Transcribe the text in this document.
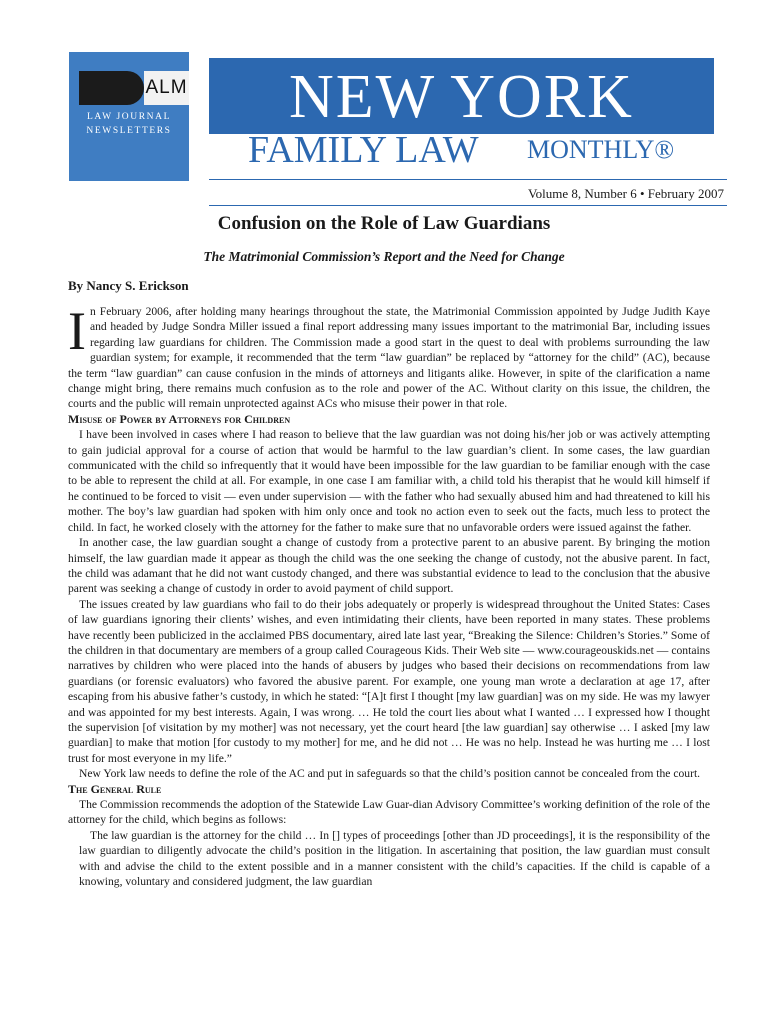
ALM
LAW JOURNAL
NEWSLETTERS	NEW YORK
FAMILY LAW MONTHLY®
Volume 8, Number 6 • February 2007
Confusion on the Role of Law Guardians
The Matrimonial Commission’s Report and the Need for Change
By Nancy S. Erickson

In February 2006, after holding many hearings throughout the state, the Matrimonial Commission appointed by Judge Judith Kaye and headed by Judge Sondra Miller issued a final report addressing many issues important to the matrimonial Bar, including issues regarding law guardians for children. The Commission made a good start in the quest to deal with problems surrounding the law guardian system; for example, it recommended that the term “law guardian” be replaced by “attorney for the child” (AC), because the term “law guardian” can cause confusion in the minds of attorneys and litigants alike. However, in spite of the clarification a name change might bring, there remains much confusion as to the role and power of the AC. Without clarity on this issue, the children, the courts and the public will remain unprotected against ACs who misuse their power in that role.

Misuse of Power by Attorneys for Children

I have been involved in cases where I had reason to believe that the law guardian was not doing his/her job or was actively attempting to gain judicial approval for a course of action that would be harmful to the law guardian’s client. In some cases, the law guardian communicated with the child so infrequently that it would have been impossible for the law guardian to be familiar enough with the case to be able to represent the child at all. For example, in one case I am familiar with, a child told his therapist that he would kill himself if he continued to be forced to visit — even under supervision — with the father who had sexually abused him and had threatened to kill his mother. The boy’s law guardian had spoken with him only once and took no action even to seek out the facts, much less to protect the child. In fact, he worked closely with the attorney for the father to make sure that no unfavorable orders were issued against the father.

In another case, the law guardian sought a change of custody from a protective parent to an abusive parent. By bringing the motion himself, the law guardian made it appear as though the child was the one seeking the change of custody, not the abusive parent. In fact, the child was adamant that he did not want custody changed, and there was substantial evidence to lead to the conclusion that the abusive parent was seeking a change of custody in order to avoid payment of child support.

The issues created by law guardians who fail to do their jobs adequately or properly is widespread throughout the United States: Cases of law guardians ignoring their clients’ wishes, and even intimidating their clients, have been reported in many states. These problems have recently been publicized in the acclaimed PBS documentary, aired late last year, “Breaking the Silence: Children’s Stories.” Some of the children in that documentary are members of a group called Courageous Kids. Their Web site — www.courageouskids.net — contains narratives by children who were placed into the hands of abusers by judges who based their decisions on recommendations from law guardians (or forensic evaluators) who favored the abusive parent. For example, one young man wrote a declaration at age 17, after escaping from his abusive father’s custody, in which he stated: “[A]t first I thought [my law guardian] was on my side. He was my lawyer and was appointed for my best interests. Again, I was wrong. … He told the court lies about what I wanted … I expressed how I thought the supervision [of visitation by my mother] was not necessary, yet the court heard [the law guardian] say otherwise … I asked [my law guardian] to make that motion [for custody to my mother] for me, and he did not … He was no help. Instead he was hurting me … I lost trust for most everyone in my life.”

New York law needs to define the role of the AC and put in safeguards so that the child’s position cannot be concealed from the court.

The General Rule

The Commission recommends the adoption of the Statewide Law Guar-dian Advisory Committee’s working definition of the role of the attorney for the child, which begins as follows:

The law guardian is the attorney for the child … In [] types of proceedings [other than JD proceedings], it is the responsibility of the law guardian to diligently advocate the child’s position in the litigation. In ascertaining that position, the law guardian must consult with and advise the child to the extent possible and in a manner consistent with the child’s capacities. If the child is capable of a knowing, voluntary and considered judgment, the law guardian
